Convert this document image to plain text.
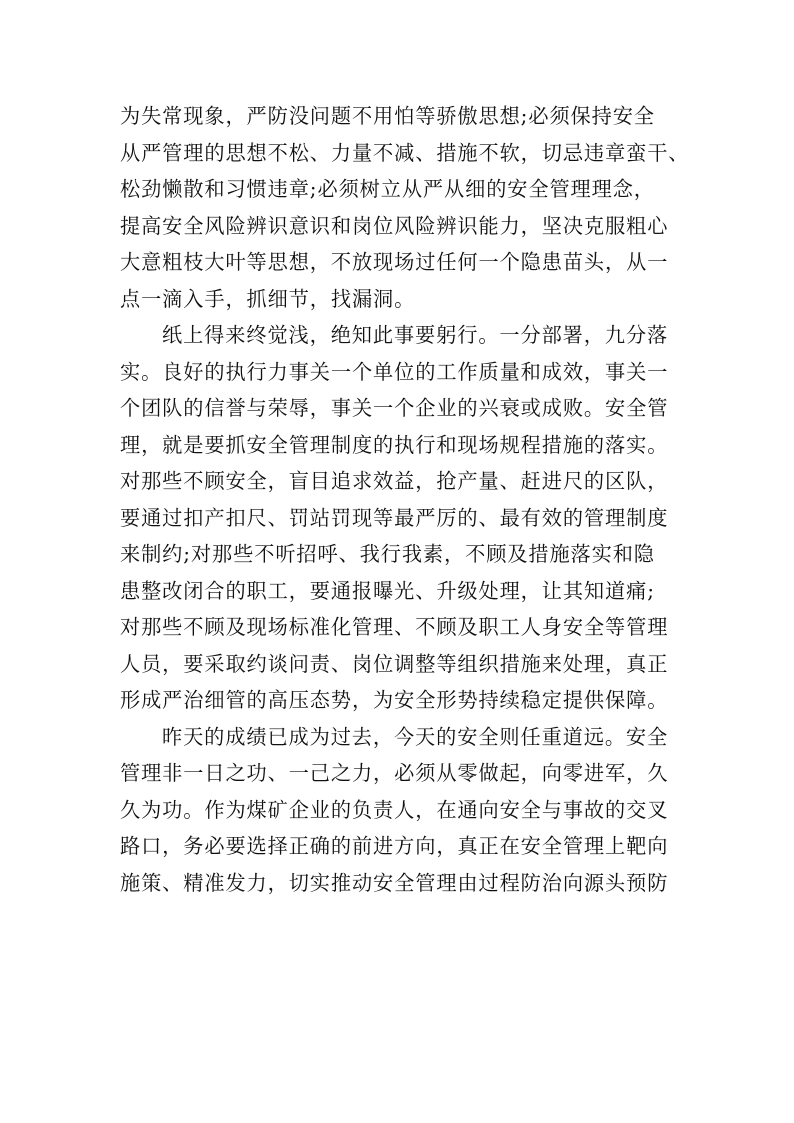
为失常现象，严防没问题不用怕等骄傲思想;必须保持安全
从严管理的思想不松、力量不减、措施不软，切忌违章蛮干、
松劲懒散和习惯违章;必须树立从严从细的安全管理理念，
提高安全风险辨识意识和岗位风险辨识能力，坚决克服粗心
大意粗枝大叶等思想，不放现场过任何一个隐患苗头，从一
点一滴入手，抓细节，找漏洞。
纸上得来终觉浅，绝知此事要躬行。一分部署，九分落
实。良好的执行力事关一个单位的工作质量和成效，事关一
个团队的信誉与荣辱，事关一个企业的兴衰或成败。安全管
理，就是要抓安全管理制度的执行和现场规程措施的落实。
对那些不顾安全，盲目追求效益，抢产量、赶进尺的区队，
要通过扣产扣尺、罚站罚现等最严厉的、最有效的管理制度
来制约;对那些不听招呼、我行我素，不顾及措施落实和隐
患整改闭合的职工，要通报曝光、升级处理，让其知道痛;
对那些不顾及现场标准化管理、不顾及职工人身安全等管理
人员，要采取约谈问责、岗位调整等组织措施来处理，真正
形成严治细管的高压态势，为安全形势持续稳定提供保障。
昨天的成绩已成为过去，今天的安全则任重道远。安全
管理非一日之功、一己之力，必须从零做起，向零进军，久
久为功。作为煤矿企业的负责人，在通向安全与事故的交叉
路口，务必要选择正确的前进方向，真正在安全管理上靶向
施策、精准发力，切实推动安全管理由过程防治向源头预防
